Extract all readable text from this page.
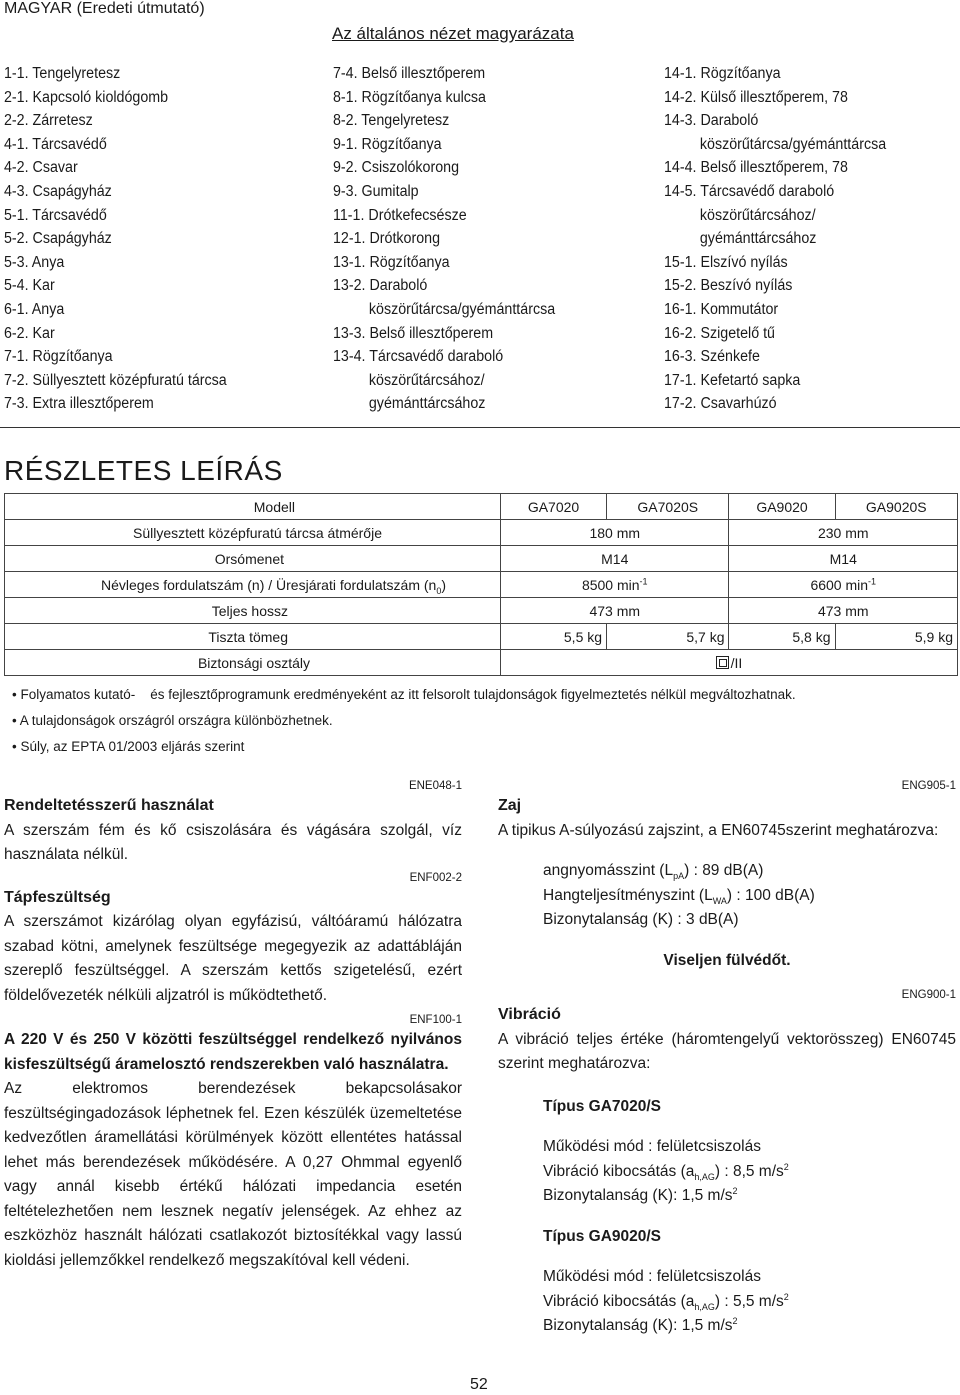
MAGYAR (Eredeti útmutató)
Az általános nézet magyarázata
1-1. Tengelyretesz
2-1. Kapcsoló kioldógomb
2-2. Zárretesz
4-1. Tárcsavédő
4-2. Csavar
4-3. Csapágyház
5-1. Tárcsavédő
5-2. Csapágyház
5-3. Anya
5-4. Kar
6-1. Anya
6-2. Kar
7-1. Rögzítőanya
7-2. Süllyesztett középfuratú tárcsa
7-3. Extra illesztőperem
7-4. Belső illesztőperem
8-1. Rögzítőanya kulcsa
8-2. Tengelyretesz
9-1. Rögzítőanya
9-2. Csiszolókorong
9-3. Gumitalp
11-1. Drótkefecsésze
12-1. Drótkorong
13-1. Rögzítőanya
13-2. Daraboló
köszörűtárcsa/gyémánttárcsa
13-3. Belső illesztőperem
13-4. Tárcsavédő daraboló
köszörűtárcsához/
gyémánttárcsához
14-1. Rögzítőanya
14-2. Külső illesztőperem, 78
14-3. Daraboló
köszörűtárcsa/gyémánttárcsa
14-4. Belső illesztőperem, 78
14-5. Tárcsavédő daraboló
köszörűtárcsához/
gyémánttárcsához
15-1. Elszívó nyílás
15-2. Beszívó nyílás
16-1. Kommutátor
16-2. Szigetelő tű
16-3. Szénkefe
17-1. Kefetartó sapka
17-2. Csavarhúzó
RÉSZLETES LEÍRÁS
Modell	GA7020	GA7020S	GA9020	GA9020S
Süllyesztett középfuratú tárcsa átmérője	180 mm		230 mm	
Orsómenet	M14		M14	
Névleges fordulatszám (n) / Üresjárati fordulatszám $(n_0)$	8500 $\min^{-1}$		6600 $\min^{-1}$
Teljes hossz	473 mm		473 mm	
Tiszta tömeg	5,5 kg	5,7 kg	5,8 kg	5,9 kg
Biztonsági osztály	/II			
• Folyamatos kutató-    és fejlesztőprogramunk eredményeként az itt felsorolt tulajdonságok figyelmeztetés nélkül megváltozhatnak.
• A tulajdonságok országról országra különbözhetnek.
• Súly, az EPTA 01/2003 eljárás szerint
ENE048-1
Rendeltetésszerű használat
A szerszám fém és kő csiszolására és vágására szolgál, víz használata nélkül.
ENF002-2
Tápfeszültség
A szerszámot kizárólag olyan egyfázisú, váltóáramú hálózatra szabad kötni, amelynek feszültsége megegyezik az adattábláján szereplő feszültséggel. A szerszám kettős szigetelésű, ezért földelővezeték nélküli aljzatról is működtethető.
ENF100-1
A 220 V és 250 V közötti feszültséggel rendelkező nyilvános kisfeszültségű áramelosztó rendszerekben való használatra.
Az elektromos berendezések bekapcsolásakor feszültségingadozások léphetnek fel. Ezen készülék üzemeltetése kedvezőtlen áramellátási körülmények között ellentétes hatással lehet más berendezések működésére. A 0,27 Ohmmal egyenlő vagy annál kisebb értékű hálózati impedancia esetén feltételezhetően nem lesznek negatív jelenségek. Az ehhez az eszközhöz használt hálózati csatlakozót biztosítékkal vagy lassú kioldási jellemzőkkel rendelkező megszakítóval kell védeni.
ENG905-1
Zaj
A tipikus A-súlyozású zajszint, a EN60745szerint meghatározva:
angnyomásszint $(L_{pA})$ : 89 dB(A)
Hangteljesítményszint $(L_{WA})$ : 100 dB(A)
Bizonytalanság (K) : 3 dB(A)
Viseljen fülvédőt.
ENG900-1
Vibráció
A vibráció teljes értéke (háromtengelyű vektorösszeg) EN60745 szerint meghatározva:
Típus GA7020/S
Működési mód : felületcsiszolás
Vibráció kibocsátás $(a_{h,AG})$ : 8,5 $m/s^2$
Bizonytalanság (K): 1,5 $m/s^2$
Típus GA9020/S
Működési mód : felületcsiszolás
Vibráció kibocsátás $(a_{h,AG})$ : 5,5 $m/s^2$
Bizonytalanság (K): 1,5 $m/s^2$
52
